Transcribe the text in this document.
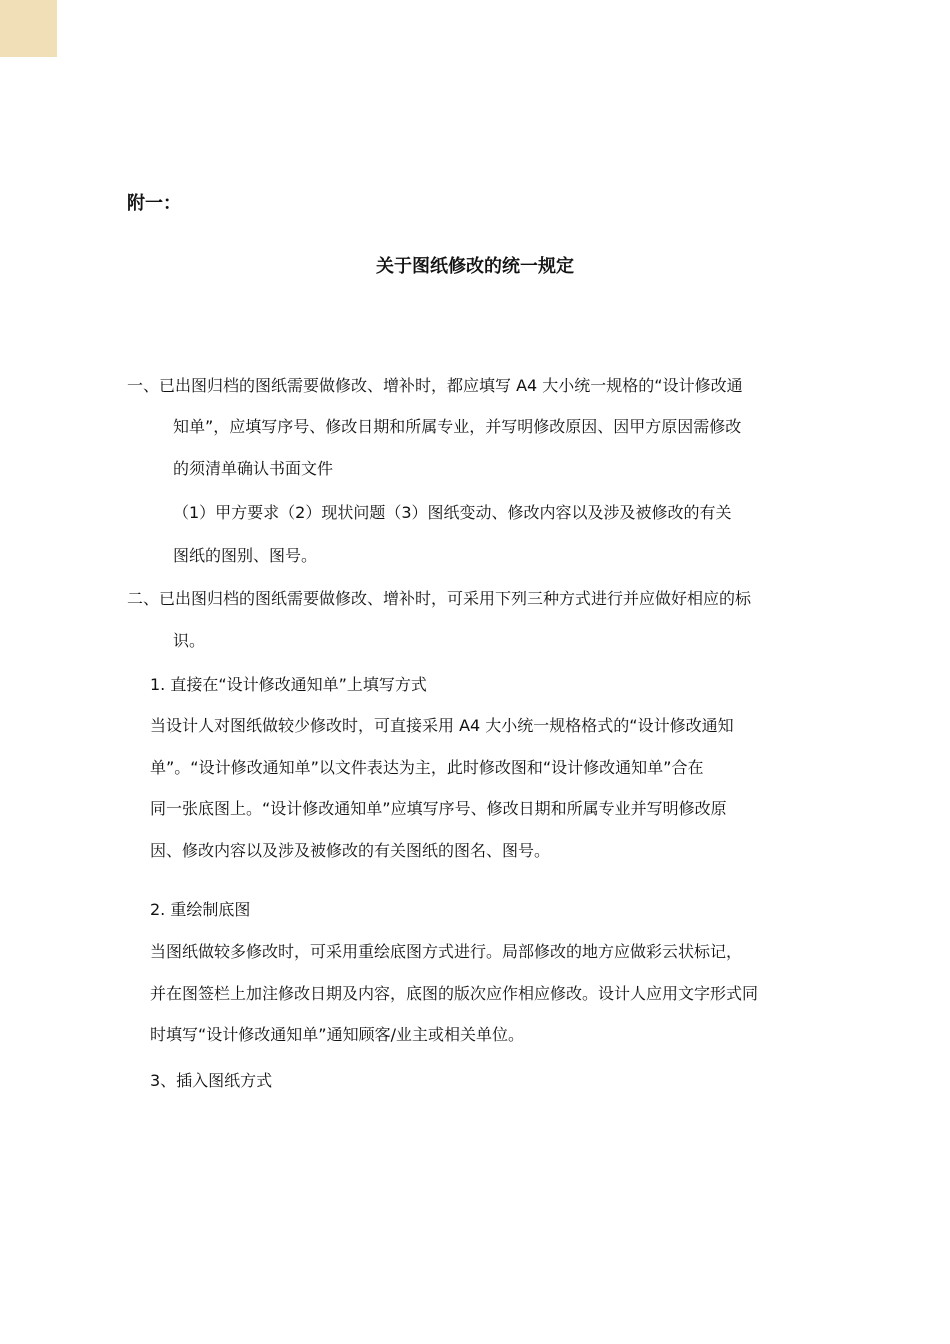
附一：
关于图纸修改的统一规定
一、已出图归档的图纸需要做修改、增补时，都应填写 A4 大小统一规格的“设计修改通
知单”，应填写序号、修改日期和所属专业，并写明修改原因、因甲方原因需修改
的须清单确认书面文件
（1）甲方要求（2）现状问题（3）图纸变动、修改内容以及涉及被修改的有关
图纸的图别、图号。
二、已出图归档的图纸需要做修改、增补时，可采用下列三种方式进行并应做好相应的标
识。
1. 直接在“设计修改通知单”上填写方式
当设计人对图纸做较少修改时，可直接采用 A4 大小统一规格格式的“设计修改通知
单”。“设计修改通知单”以文件表达为主，此时修改图和“设计修改通知单”合在
同一张底图上。“设计修改通知单”应填写序号、修改日期和所属专业并写明修改原
因、修改内容以及涉及被修改的有关图纸的图名、图号。
2. 重绘制底图
当图纸做较多修改时，可采用重绘底图方式进行。局部修改的地方应做彩云状标记，
并在图签栏上加注修改日期及内容，底图的版次应作相应修改。设计人应用文字形式同
时填写“设计修改通知单”通知顾客/业主或相关单位。
3、插入图纸方式
